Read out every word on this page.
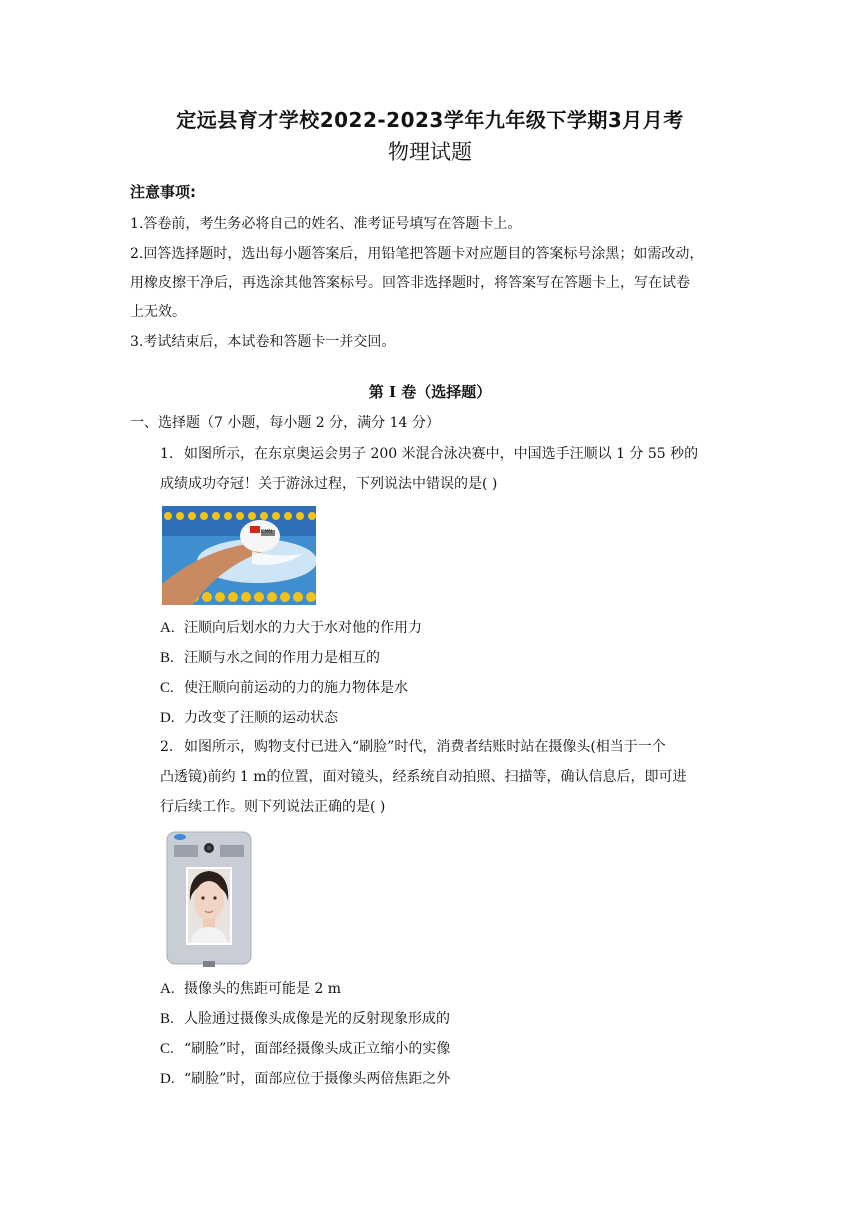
定远县育才学校2022-2023学年九年级下学期3月月考
物理试题
注意事项:
1.答卷前，考生务必将自己的姓名、准考证号填写在答题卡上。
2.回答选择题时，选出每小题答案后，用铅笔把答题卡对应题目的答案标号涂黑；如需改动，
用橡皮擦干净后，再选涂其他答案标号。回答非选择题时，将答案写在答题卡上，写在试卷
上无效。
3.考试结束后，本试卷和答题卡一并交回。
第 I 卷（选择题）
一、选择题（7 小题，每小题 2 分，满分 14 分）
1. 如图所示，在东京奥运会男子 200 米混合泳决赛中，中国选手汪顺以 1 分 55 秒的
成绩成功夺冠！关于游泳过程，下列说法中错误的是( )
CHN
A. 汪顺向后划水的力大于水对他的作用力
B. 汪顺与水之间的作用力是相互的
C. 使汪顺向前运动的力的施力物体是水
D. 力改变了汪顺的运动状态
2. 如图所示，购物支付已进入“刷脸”时代，消费者结账时站在摄像头(相当于一个
凸透镜)前约 1 m的位置，面对镜头，经系统自动拍照、扫描等，确认信息后，即可进
行后续工作。则下列说法正确的是( )
A. 摄像头的焦距可能是 2 m
B. 人脸通过摄像头成像是光的反射现象形成的
C. “刷脸”时，面部经摄像头成正立缩小的实像
D. “刷脸”时，面部应位于摄像头两倍焦距之外
